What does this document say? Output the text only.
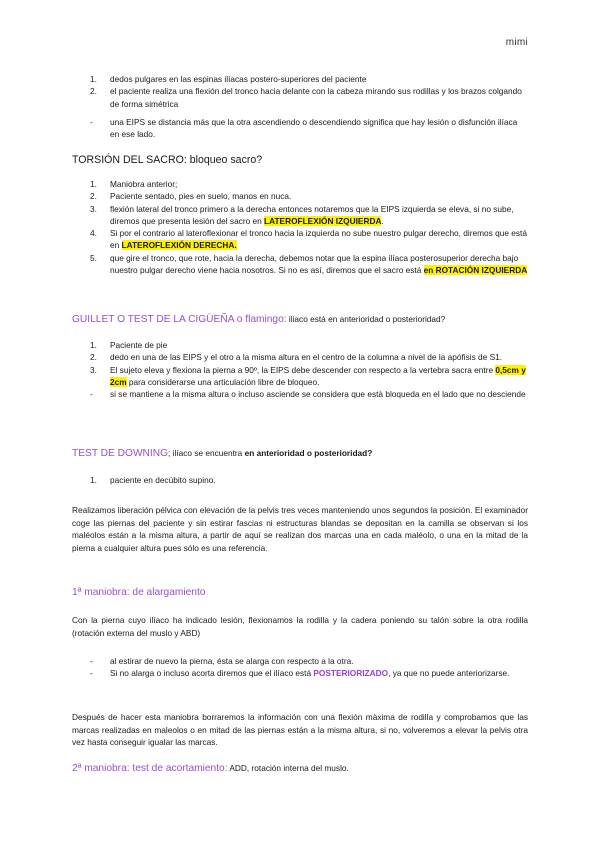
mimi
1. dedos pulgares en las espinas ilíacas postero-superiores del paciente
2. el paciente realiza una flexión del tronco hacia delante con la cabeza mirando sus rodillas y los brazos colgando de forma simétrica
- una EIPS se distancia más que la otra ascendiendo o descendiendo significa que hay lesión o disfunción ilíaca en ese lado.
TORSIÓN DEL SACRO: bloqueo sacro?
1. Maniobra anterior;
2. Paciente sentado, pies en suelo, manos en nuca.
3. flexión lateral del tronco primero a la derecha entonces notaremos que la EIPS izquierda se eleva, si no sube, diremos que presenta lesión del sacro en LATEROFLEXIÓN IZQUIERDA.
4. Si por el contrario al lateroflexionar el tronco hacia la izquierda no sube nuestro pulgar derecho, diremos que está en LATEROFLEXIÓN DERECHA.
5. que gire el tronco, que rote, hacia la derecha, debemos notar que la espina ilíaca posterosuperior derecha bajo nuestro pulgar derecho viene hacia nosotros. Si no es así, diremos que el sacro está en ROTACIÓN IZQUIERDA
GUILLET O TEST DE LA CIGÜEÑA o flamingo: iliaco está en anterioridad o posterioridad?
1. Paciente de pie
2. dedo en una de las EIPS y el otro a la misma altura en el centro de la columna a nivel de la apófisis de S1.
3. El sujeto eleva y flexiona la pierna a 90º, la EIPS debe descender con respecto a la vertebra sacra entre 0,5cm y 2cm para considerarse una articulación libre de bloqueo.
- si se mantiene a la misma altura o incluso asciende se considera que està bloqueda en el lado que no desciende
TEST DE DOWNING; ilíaco se encuentra en anterioridad o posterioridad?
1. paciente en decúbito supino.

Realizamos liberación pélvica con elevación de la pelvis tres veces manteniendo unos segundos la posición. El examinador coge las piernas del paciente y sin estirar fascias ni estructuras blandas se depositan en la camilla se observan si los maléolos están a la misma altura, a partir de aquí se realizan dos marcas una en cada maléolo, o una en la mitad de la pierna a cualquier altura pues sólo es una referencia.

1ª maniobra: de alargamiento

Con la pierna cuyo ilíaco ha indicado lesión, flexionamos la rodilla y la cadera poniendo su talón sobre la otra rodilla (rotación externa del muslo y ABD)

- al estirar de nuevo la pierna, ésta se alarga con respecto a la otra.
- Si no alarga o incluso acorta diremos que el ilíaco está POSTERIORIZADO, ya que no puede anteriorizarse.

Después de hacer esta maniobra borraremos la información con una flexión màxima de rodilla y comprobamos que las marcas realizadas en maleolos o en mitad de las piernas están a la misma altura, si no, volveremos a elevar la pelvis otra vez hasta conseguir igualar las marcas.

2ª maniobra: test de acortamiento: ADD, rotación interna del muslo.
